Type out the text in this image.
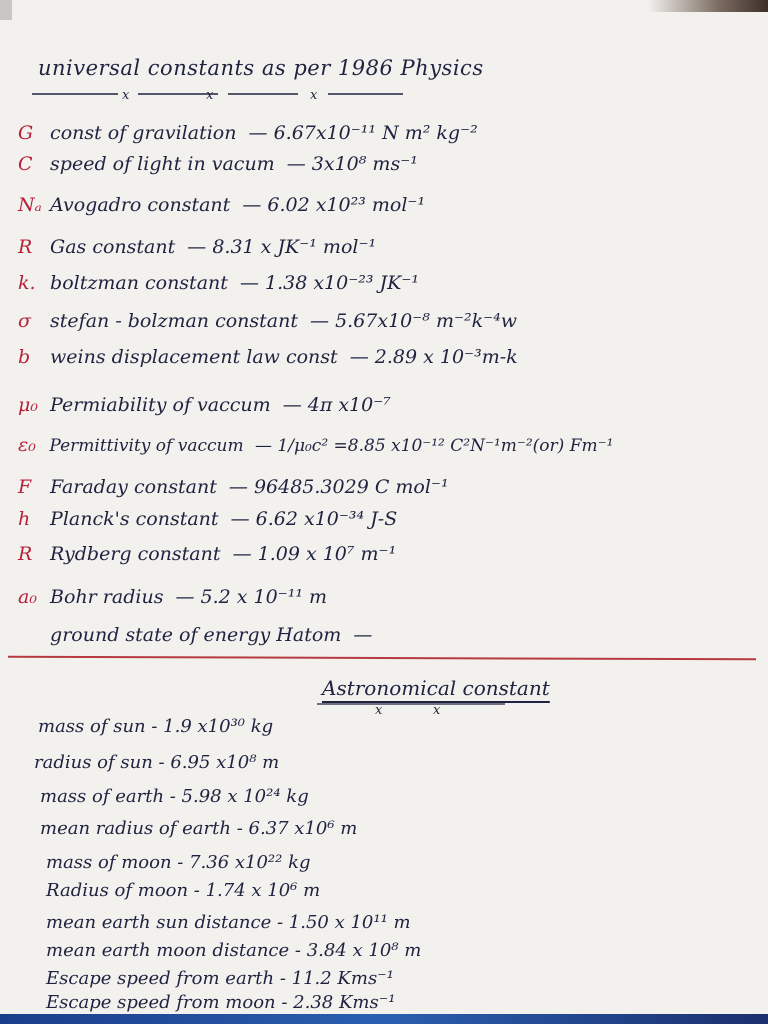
universal constants as per 1986 Physics
x	x	x
G const of gravilation — 6.67x10⁻¹¹ N m² kg⁻²
C speed of light in vacum — 3x10⁸ ms⁻¹
Nₐ Avogadro constant — 6.02 x10²³ mol⁻¹
R Gas constant — 8.31 x JK⁻¹ mol⁻¹
k. boltzman constant — 1.38 x10⁻²³ JK⁻¹
σ stefan - bolzman constant — 5.67x10⁻⁸ m⁻²k⁻⁴w
b weins displacement law const — 2.89 x 10⁻³m-k
μ₀ Permiability of vaccum — 4π x10⁻⁷
ε₀ Permittivity of vaccum — 1/μ₀c² =8.85 x10⁻¹² C²N⁻¹m⁻²(or) Fm⁻¹
F Faraday constant — 96485.3029 C mol⁻¹
h Planck's constant — 6.62 x10⁻³⁴ J-S
R Rydberg constant — 1.09 x 10⁷ m⁻¹
a₀ Bohr radius — 5.2 x 10⁻¹¹ m
ground state of energy Hatom —
Astronomical constant
x	x
mass of sun - 1.9 x10³⁰ kg
radius of sun - 6.95 x10⁸ m
mass of earth - 5.98 x 10²⁴ kg
mean radius of earth - 6.37 x10⁶ m
mass of moon - 7.36 x10²² kg
Radius of moon - 1.74 x 10⁶ m
mean earth sun distance - 1.50 x 10¹¹ m
mean earth moon distance - 3.84 x 10⁸ m
Escape speed from earth - 11.2 Kms⁻¹
Escape speed from moon - 2.38 Kms⁻¹
